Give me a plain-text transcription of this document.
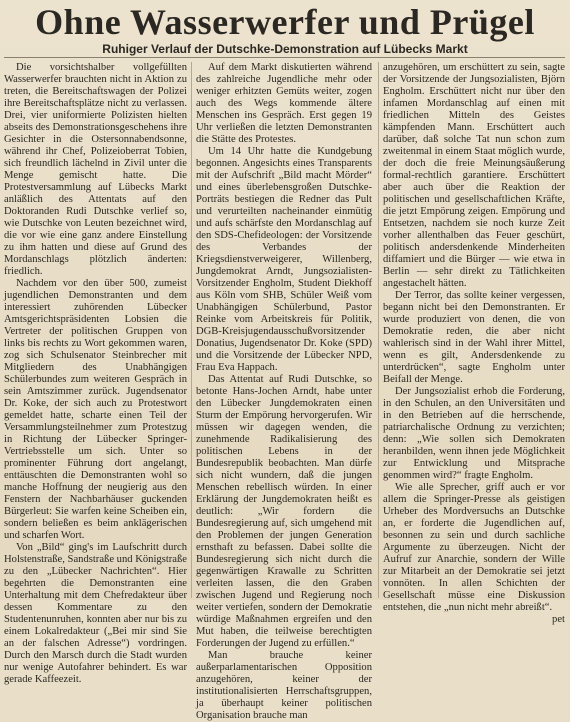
Ohne Wasserwerfer und Prügel
Ruhiger Verlauf der Dutschke-Demonstration auf Lübecks Markt

Die vorsichtshalber vollgefüllten Wasserwerfer brauchten nicht in Aktion zu treten, die Bereitschaftswagen der Polizei ihre Bereitschaftsplätze nicht zu verlassen. Drei, vier uniformierte Polizisten hielten abseits des Demonstrationsgeschehens ihre Gesichter in die Ostersonnabendsonne, während ihr Chef, Polizeioberrat Tobien, sich freundlich lächelnd in Zivil unter die Menge gemischt hatte. Die Protestversammlung auf Lübecks Markt anläßlich des Attentats auf den Doktoranden Rudi Dutschke verlief so, wie Dutschke von Leuten bezeichnet wird, die vor wie eine ganz andere Einstellung zu ihm hatten und diese auf Grund des Mordanschlags plötzlich änderten: friedlich.

Nachdem vor den über 500, zumeist jugendlichen Demonstranten und dem interessiert zuhörenden Lübecker Amtsgerichtspräsidenten Lobsien die Vertreter der politischen Gruppen von links bis rechts zu Wort gekommen waren, zog sich Schulsenator Steinbrecher mit Mitgliedern des Unabhängigen Schülerbundes zum weiteren Gespräch in sein Amtszimmer zurück. Jugendsenator Dr. Koke, der sich auch zu Protestwort gemeldet hatte, scharte einen Teil der Versammlungsteilnehmer zum Protestzug in Richtung der Lübecker Springer-Vertriebsstelle um sich. Unter so prominenter Führung dort angelangt, enttäuschten die Demonstranten wohl so manche Hoffnung der neugierig aus den Fenstern der Nachbarhäuser guckenden Bürgerleut: Sie warfen keine Scheiben ein, sondern beließen es beim anklägerischen und scharfen Wort.

Von „Bild“ ging's im Laufschritt durch Holstenstraße, Sandstraße und Königstraße zu den „Lübecker Nachrichten“. Hier begehrten die Demonstranten eine Unterhaltung mit dem Chefredakteur über dessen Kommentare zu den Studentenunruhen, konnten aber nur bis zu einem Lokalredakteur („Bei mir sind Sie an der falschen Adresse“) vordringen. Durch den Marsch durch die Stadt wurden nur wenige Autofahrer behindert. Es war gerade Kaffeezeit.

Auf dem Markt diskutierten während des zahlreiche Jugendliche mehr oder weniger erhitzten Gemüts weiter, zogen auch des Wegs kommende ältere Menschen ins Gespräch. Erst gegen 19 Uhr verließen die letzten Demonstranten die Stätte des Protestes.

Um 14 Uhr hatte die Kundgebung begonnen. Angesichts eines Transparents mit der Aufschrift „Bild macht Mörder“ und eines überlebensgroßen Dutschke-Porträts bestiegen die Redner das Pult und verurteilten nacheinander einmütig und aufs schärfste den Mordanschlag auf den SDS-Chefideologen: der Vorsitzende des Verbandes der Kriegsdienstverweigerer, Willenberg, Jungdemokrat Arndt, Jungsozialisten-Vorsitzender Engholm, Student Diekhoff aus Köln vom SHB, Schüler Weiß vom Unabhängigen Schülerbund, Pastor Reinke vom Arbeitskreis für Politik, DGB-Kreisjugendausschußvorsitzender Donatius, Jugendsenator Dr. Koke (SPD) und die Vorsitzende der Lübecker NPD, Frau Eva Happach.

Das Attentat auf Rudi Dutschke, so betonte Hans-Jochen Arndt, habe unter den Lübecker Jungdemokraten einen Sturm der Empörung hervorgerufen. Wir müssen wir dagegen wenden, die zunehmende Radikalisierung des politischen Lebens in der Bundesrepublik beobachten. Man dürfe sich nicht wundern, daß die jungen Menschen rebellisch würden. In einer Erklärung der Jungdemokraten heißt es deutlich: „Wir fordern die Bundesregierung auf, sich umgehend mit den Problemen der jungen Generation ernsthaft zu befassen. Dabei sollte die Bundesregierung sich nicht durch die gegenwärtigen Krawalle zu Schritten verleiten lassen, die den Graben zwischen Jugend und Regierung noch weiter vertiefen, sondern der Demokratie würdige Maßnahmen ergreifen und den Mut haben, die teilweise berechtigten Forderungen der Jugend zu erfüllen.“

Man brauche keiner außerparlamentarischen Opposition anzugehören, keiner der institutionalisierten Herrschaftsgruppen, ja überhaupt keiner politischen Organisation brauche man

anzugehören, um erschüttert zu sein, sagte der Vorsitzende der Jungsozialisten, Björn Engholm. Erschüttert nicht nur über den infamen Mordanschlag auf einen mit friedlichen Mitteln des Geistes kämpfenden Mann. Erschüttert auch darüber, daß solche Tat nun schon zum zweitenmal in einem Staat möglich wurde, der doch die freie Meinungsäußerung formal-rechtlich garantiere. Erschüttert aber auch über die Reaktion der politischen und gesellschaftlichen Kräfte, die jetzt Empörung zeigen. Empörung und Entsetzen, nachdem sie noch kurze Zeit vorher allenthalben das Feuer geschürt, politisch andersdenkende Minderheiten diffamiert und die Bürger — wie etwa in Berlin — sehr direkt zu Tätlichkeiten angestachelt hätten.

Der Terror, das sollte keiner vergessen, begann nicht bei den Demonstranten. Er wurde produziert von denen, die von Demokratie reden, die aber nicht wahlerisch sind in der Wahl ihrer Mittel, wenn es gilt, Andersdenkende zu unterdrücken“, sagte Engholm unter Beifall der Menge.

Der Jungsozialist erhob die Forderung, in den Schulen, an den Universitäten und in den Betrieben auf die herrschende, patriarchalische Ordnung zu verzichten; denn: „Wie sollen sich Demokraten heranbilden, wenn ihnen jede Möglichkeit zur Entwicklung und Mitsprache genommen wird?“ fragte Engholm.

Wie alle Sprecher, griff auch er vor allem die Springer-Presse als geistigen Urheber des Mordversuchs an Dutschke an, er forderte die Jugendlichen auf, besonnen zu sein und durch sachliche Argumente zu überzeugen. Nicht der Aufruf zur Anarchie, sondern der Wille zur Mitarbeit an der Demokratie sei jetzt vonnöten. In allen Schichten der Gesellschaft müsse eine Diskussion entstehen, die „nun nicht mehr abreißt“.

pet
